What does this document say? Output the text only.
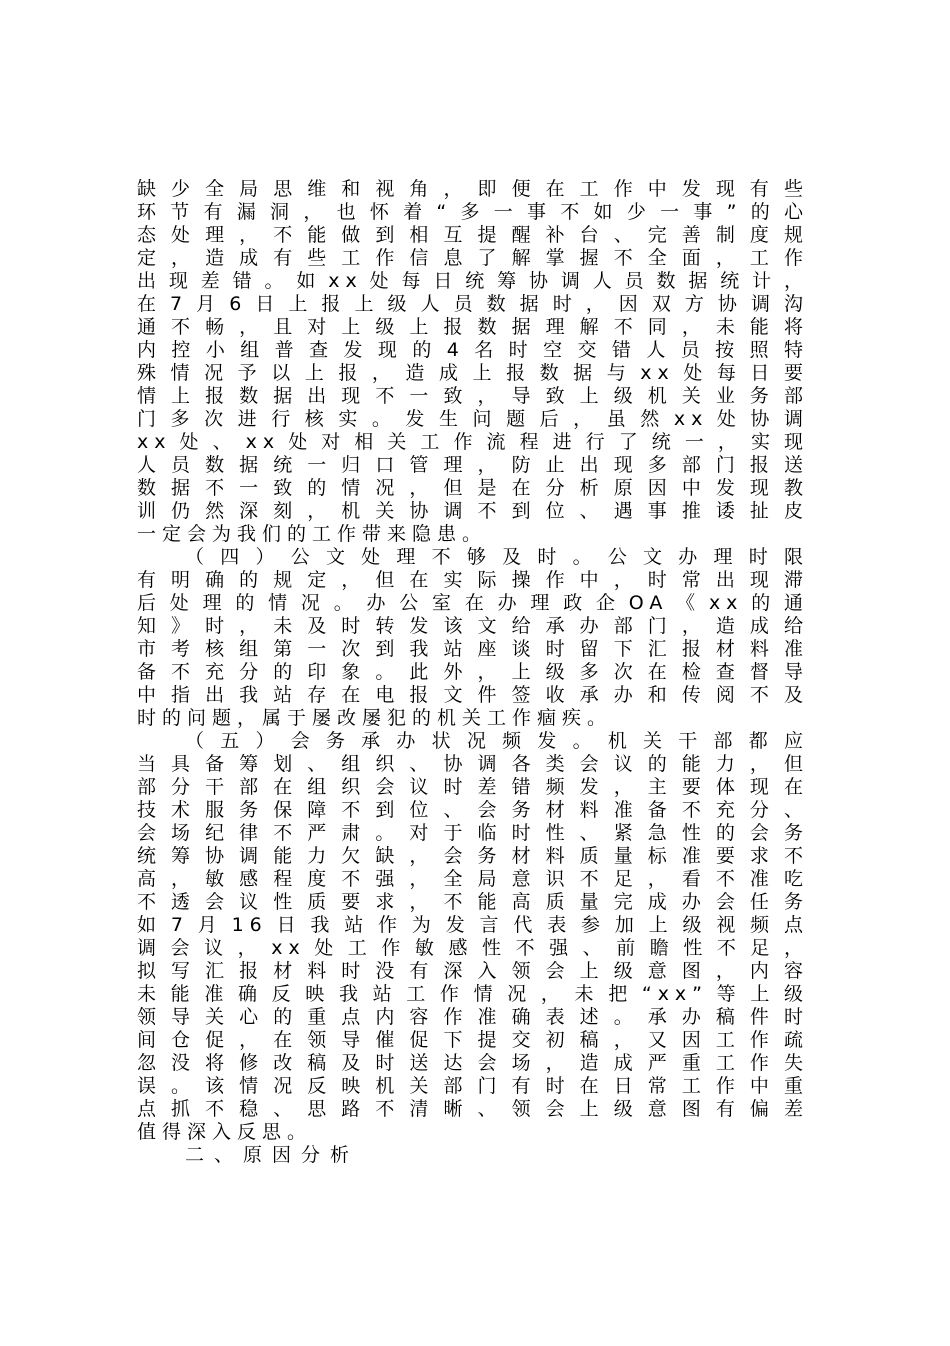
缺少全局思维和视角，即便在工作中发现有些
环节有漏洞，也怀着“多一事不如少一事”的心
态处理，不能做到相互提醒补台、完善制度规
定，造成有些工作信息了解掌握不全面，工作
出现差错。如xx处每日统筹协调人员数据统计，
在7月6日上报上级人员数据时，因双方协调沟
通不畅，且对上级上报数据理解不同，未能将
内控小组普查发现的4名时空交错人员按照特
殊情况予以上报，造成上报数据与xx处每日要
情上报数据出现不一致，导致上级机关业务部
门多次进行核实。发生问题后，虽然xx处协调
xx处、xx处对相关工作流程进行了统一，实现
人员数据统一归口管理，防止出现多部门报送
数据不一致的情况，但是在分析原因中发现教
训仍然深刻，机关协调不到位、遇事推诿扯皮
一定会为我们的工作带来隐患。
（四）公文处理不够及时。公文办理时限
有明确的规定，但在实际操作中，时常出现滞
后处理的情况。办公室在办理政企OA《xx的通
知》时，未及时转发该文给承办部门，造成给
市考核组第一次到我站座谈时留下汇报材料准
备不充分的印象。此外，上级多次在检查督导
中指出我站存在电报文件签收承办和传阅不及
时的问题，属于屡改屡犯的机关工作痼疾。
（五）会务承办状况频发。机关干部都应
当具备筹划、组织、协调各类会议的能力，但
部分干部在组织会议时差错频发，主要体现在
技术服务保障不到位、会务材料准备不充分、
会场纪律不严肃。对于临时性、紧急性的会务
统筹协调能力欠缺，会务材料质量标准要求不
高，敏感程度不强，全局意识不足，看不准吃
不透会议性质要求，不能高质量完成办会任务
如7月16日我站作为发言代表参加上级视频点
调会议，xx处工作敏感性不强、前瞻性不足，
拟写汇报材料时没有深入领会上级意图，内容
未能准确反映我站工作情况，未把“xx”等上级
领导关心的重点内容作准确表述。承办稿件时
间仓促，在领导催促下提交初稿，又因工作疏
忽没将修改稿及时送达会场，造成严重工作失
误。该情况反映机关部门有时在日常工作中重
点抓不稳、思路不清晰、领会上级意图有偏差
值得深入反思。
二、原因分析
